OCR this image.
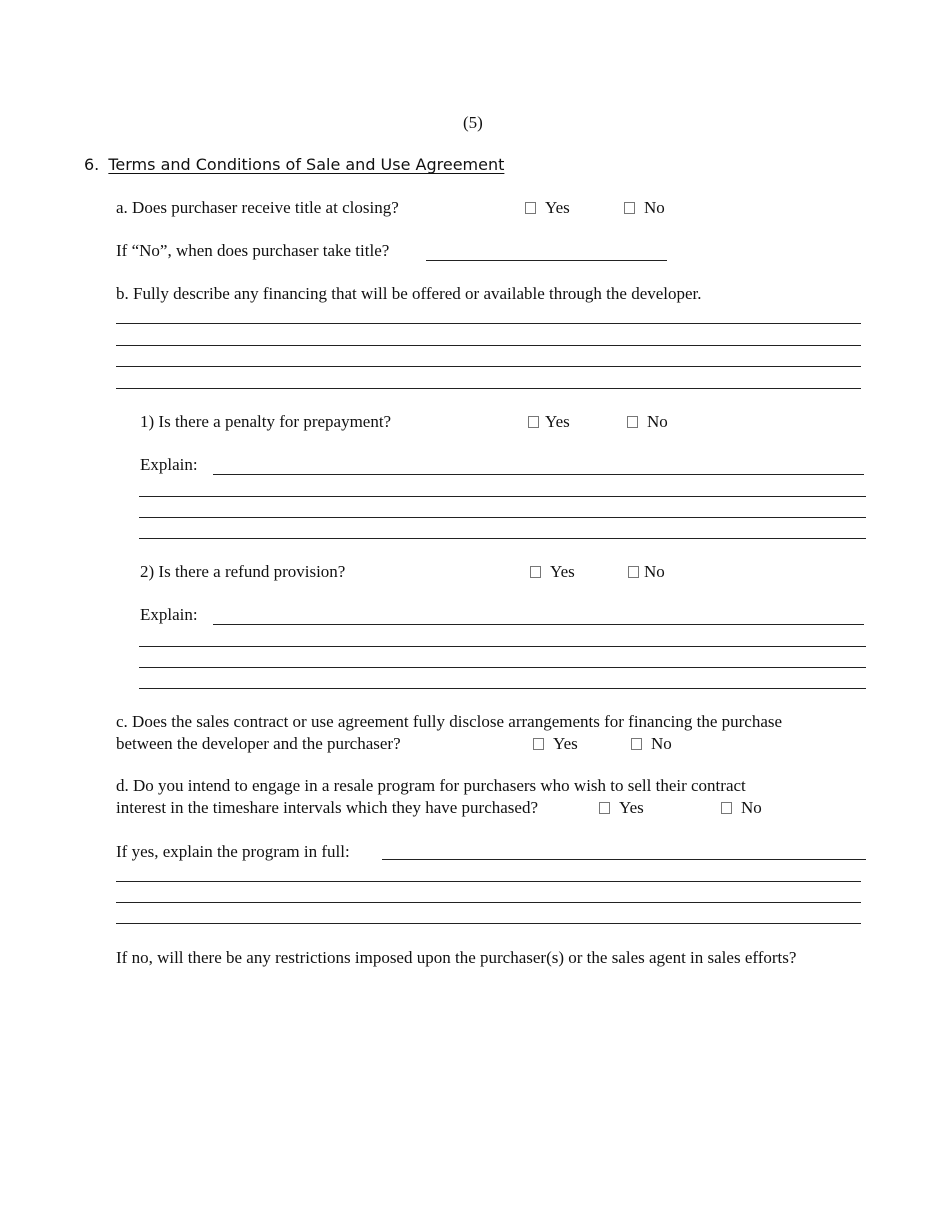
(5)
6. Terms and Conditions of Sale and Use Agreement
a. Does purchaser receive title at closing?	Yes	No
If “No”, when does purchaser take title?
b. Fully describe any financing that will be offered or available through the developer.
1) Is there a penalty for prepayment?	Yes	No
Explain:
2) Is there a refund provision?	Yes	No
Explain:
c. Does the sales contract or use agreement fully disclose arrangements for financing the purchase
between the developer and the purchaser?	Yes	No
d. Do you intend to engage in a resale program for purchasers who wish to sell their contract
interest in the timeshare intervals which they have purchased?	Yes	No
If yes, explain the program in full:
If no, will there be any restrictions imposed upon the purchaser(s) or the sales agent in sales efforts?
